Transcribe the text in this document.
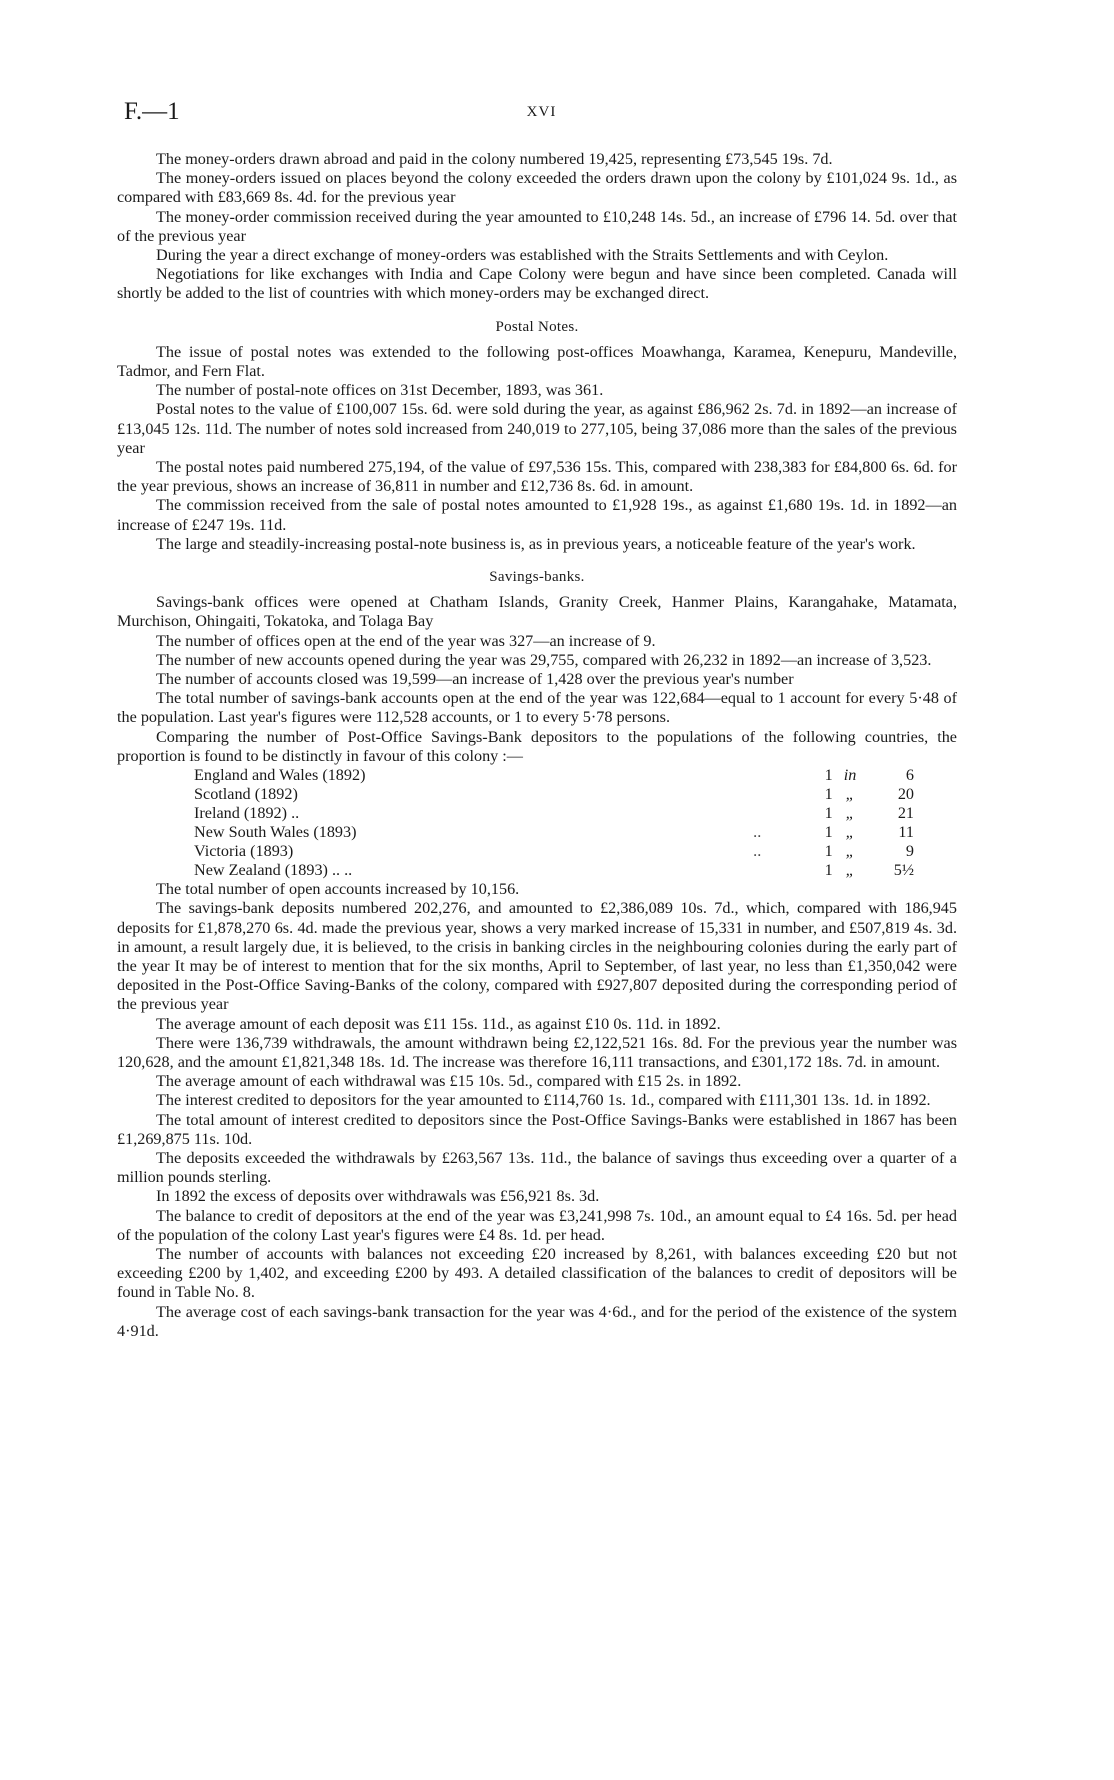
F.—1	XVI

The money-orders drawn abroad and paid in the colony numbered 19,425, representing £73,545 19s. 7d.

The money-orders issued on places beyond the colony exceeded the orders drawn upon the colony by £101,024 9s. 1d., as compared with £83,669 8s. 4d. for the previous year

The money-order commission received during the year amounted to £10,248 14s. 5d., an increase of £796 14. 5d. over that of the previous year

During the year a direct exchange of money-orders was established with the Straits Settlements and with Ceylon.

Negotiations for like exchanges with India and Cape Colony were begun and have since been completed. Canada will shortly be added to the list of countries with which money-orders may be exchanged direct.

Postal Notes.

The issue of postal notes was extended to the following post-offices Moawhanga, Karamea, Kenepuru, Mandeville, Tadmor, and Fern Flat.

The number of postal-note offices on 31st December, 1893, was 361.

Postal notes to the value of £100,007 15s. 6d. were sold during the year, as against £86,962 2s. 7d. in 1892—an increase of £13,045 12s. 11d. The number of notes sold increased from 240,019 to 277,105, being 37,086 more than the sales of the previous year

The postal notes paid numbered 275,194, of the value of £97,536 15s. This, compared with 238,383 for £84,800 6s. 6d. for the year previous, shows an increase of 36,811 in number and £12,736 8s. 6d. in amount.

The commission received from the sale of postal notes amounted to £1,928 19s., as against £1,680 19s. 1d. in 1892—an increase of £247 19s. 11d.

The large and steadily-increasing postal-note business is, as in previous years, a noticeable feature of the year's work.

Savings-banks.

Savings-bank offices were opened at Chatham Islands, Granity Creek, Hanmer Plains, Karangahake, Matamata, Murchison, Ohingaiti, Tokatoka, and Tolaga Bay

The number of offices open at the end of the year was 327—an increase of 9.

The number of new accounts opened during the year was 29,755, compared with 26,232 in 1892—an increase of 3,523.

The number of accounts closed was 19,599—an increase of 1,428 over the previous year's number

The total number of savings-bank accounts open at the end of the year was 122,684—equal to 1 account for every 5·48 of the population. Last year's figures were 112,528 accounts, or 1 to every 5·78 persons.

Comparing the number of Post-Office Savings-Bank depositors to the populations of the following countries, the proportion is found to be distinctly in favour of this colony :—

England and Wales (1892)		1	in	6
Scotland (1892)		1	„	20
Ireland (1892) ..		1	„	21
New South Wales (1893)	..	1	„	11
Victoria (1893)	..	1	„	9
New Zealand (1893) .. ..		1	„	5½

The total number of open accounts increased by 10,156.

The savings-bank deposits numbered 202,276, and amounted to £2,386,089 10s. 7d., which, compared with 186,945 deposits for £1,878,270 6s. 4d. made the previous year, shows a very marked increase of 15,331 in number, and £507,819 4s. 3d. in amount, a result largely due, it is believed, to the crisis in banking circles in the neighbouring colonies during the early part of the year It may be of interest to mention that for the six months, April to September, of last year, no less than £1,350,042 were deposited in the Post-Office Saving-Banks of the colony, compared with £927,807 deposited during the corresponding period of the previous year

The average amount of each deposit was £11 15s. 11d., as against £10 0s. 11d. in 1892.

There were 136,739 withdrawals, the amount withdrawn being £2,122,521 16s. 8d. For the previous year the number was 120,628, and the amount £1,821,348 18s. 1d. The increase was therefore 16,111 transactions, and £301,172 18s. 7d. in amount.

The average amount of each withdrawal was £15 10s. 5d., compared with £15 2s. in 1892.

The interest credited to depositors for the year amounted to £114,760 1s. 1d., compared with £111,301 13s. 1d. in 1892.

The total amount of interest credited to depositors since the Post-Office Savings-Banks were established in 1867 has been £1,269,875 11s. 10d.

The deposits exceeded the withdrawals by £263,567 13s. 11d., the balance of savings thus exceeding over a quarter of a million pounds sterling.

In 1892 the excess of deposits over withdrawals was £56,921 8s. 3d.

The balance to credit of depositors at the end of the year was £3,241,998 7s. 10d., an amount equal to £4 16s. 5d. per head of the population of the colony Last year's figures were £4 8s. 1d. per head.

The number of accounts with balances not exceeding £20 increased by 8,261, with balances exceeding £20 but not exceeding £200 by 1,402, and exceeding £200 by 493. A detailed classification of the balances to credit of depositors will be found in Table No. 8.

The average cost of each savings-bank transaction for the year was 4·6d., and for the period of the existence of the system 4·91d.
